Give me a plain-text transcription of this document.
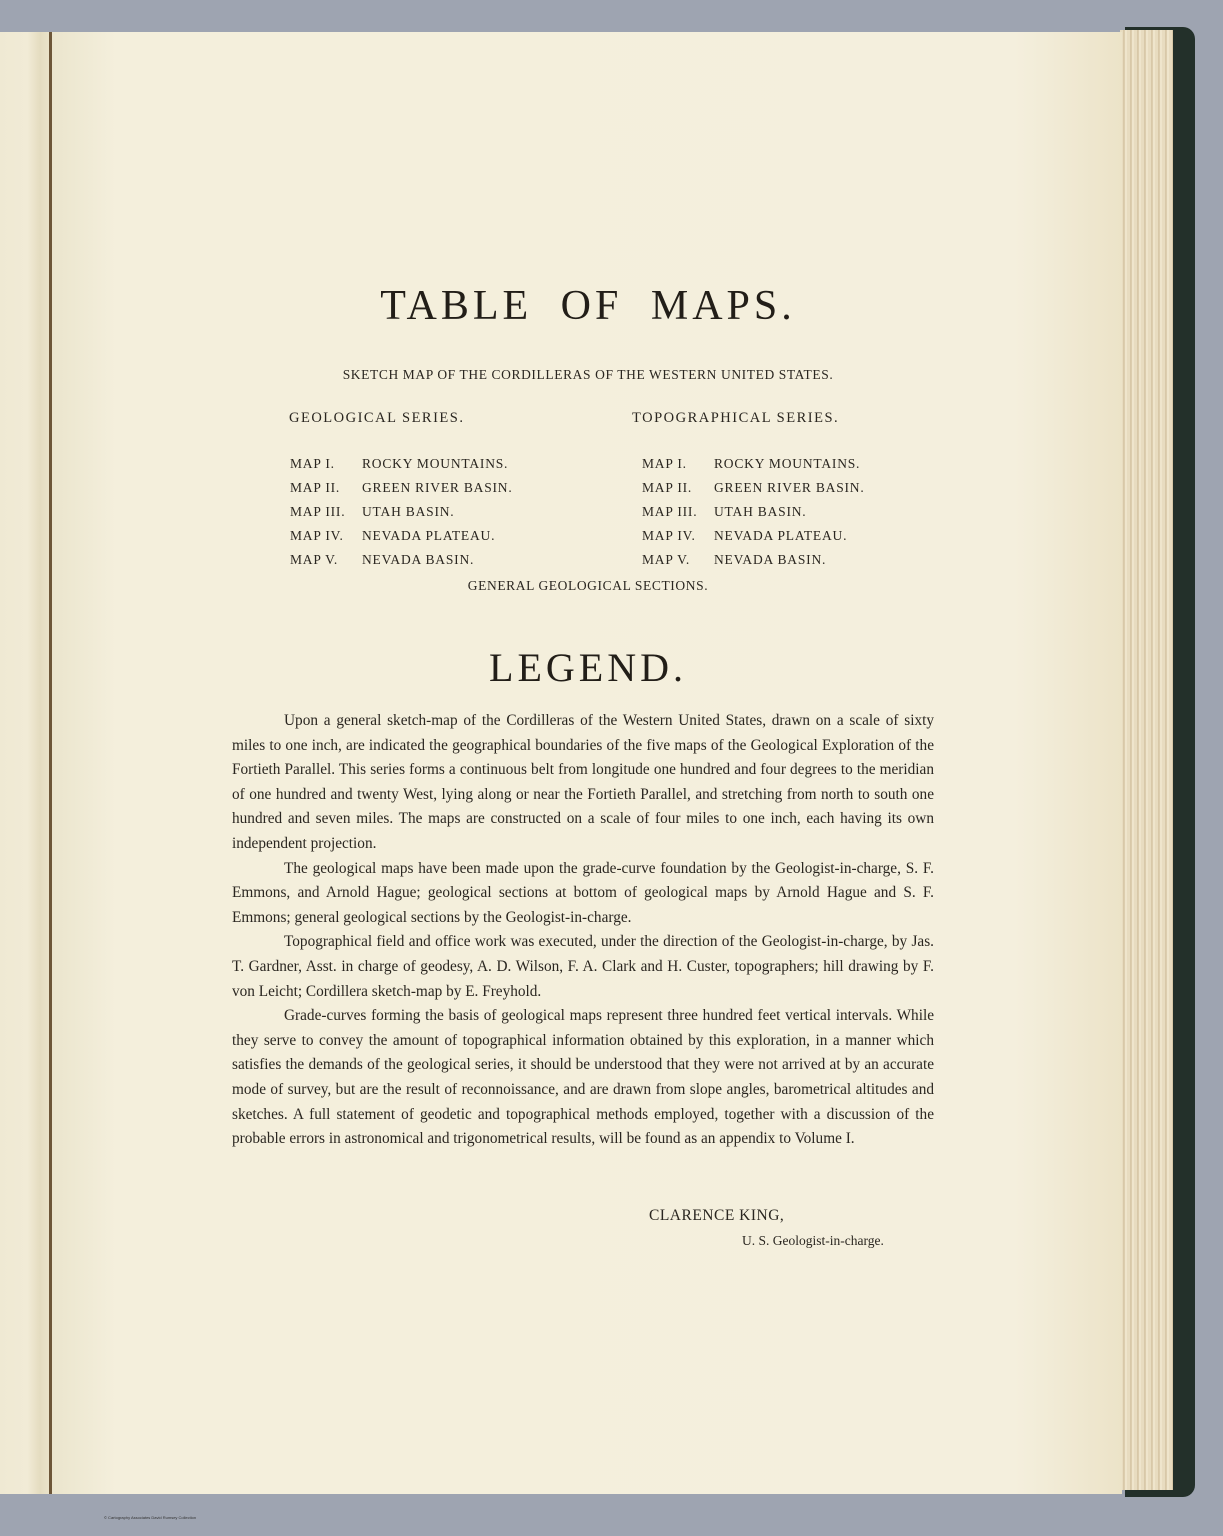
TABLE OF MAPS.
SKETCH MAP OF THE CORDILLERAS OF THE WESTERN UNITED STATES.
GEOLOGICAL SERIES.	TOPOGRAPHICAL SERIES.
MAP I. ROCKY MOUNTAINS.
MAP II. GREEN RIVER BASIN.
MAP III. UTAH BASIN.
MAP IV. NEVADA PLATEAU.
MAP V. NEVADA BASIN.
MAP I. ROCKY MOUNTAINS.
MAP II. GREEN RIVER BASIN.
MAP III. UTAH BASIN.
MAP IV. NEVADA PLATEAU.
MAP V. NEVADA BASIN.
GENERAL GEOLOGICAL SECTIONS.
LEGEND.

Upon a general sketch-map of the Cordilleras of the Western United States, drawn on a scale of sixty miles to one inch, are indicated the geographical boundaries of the five maps of the Geological Exploration of the Fortieth Parallel. This series forms a continuous belt from longitude one hundred and four degrees to the meridian of one hundred and twenty West, lying along or near the Fortieth Parallel, and stretching from north to south one hundred and seven miles. The maps are constructed on a scale of four miles to one inch, each having its own independent projection.

The geological maps have been made upon the grade-curve foundation by the Geologist-in-charge, S. F. Emmons, and Arnold Hague; geological sections at bottom of geological maps by Arnold Hague and S. F. Emmons; general geological sections by the Geologist-in-charge.

Topographical field and office work was executed, under the direction of the Geologist-in-charge, by Jas. T. Gardner, Asst. in charge of geodesy, A. D. Wilson, F. A. Clark and H. Custer, topographers; hill drawing by F. von Leicht; Cordillera sketch-map by E. Freyhold.

Grade-curves forming the basis of geological maps represent three hundred feet vertical intervals. While they serve to convey the amount of topographical information obtained by this exploration, in a manner which satisfies the demands of the geological series, it should be understood that they were not arrived at by an accurate mode of survey, but are the result of reconnoissance, and are drawn from slope angles, barometrical altitudes and sketches. A full statement of geodetic and topographical methods employed, together with a discussion of the probable errors in astronomical and trigonometrical results, will be found as an appendix to Volume I.

CLARENCE KING,
U. S. Geologist-in-charge.
© Cartography Associates David Rumsey Collection
